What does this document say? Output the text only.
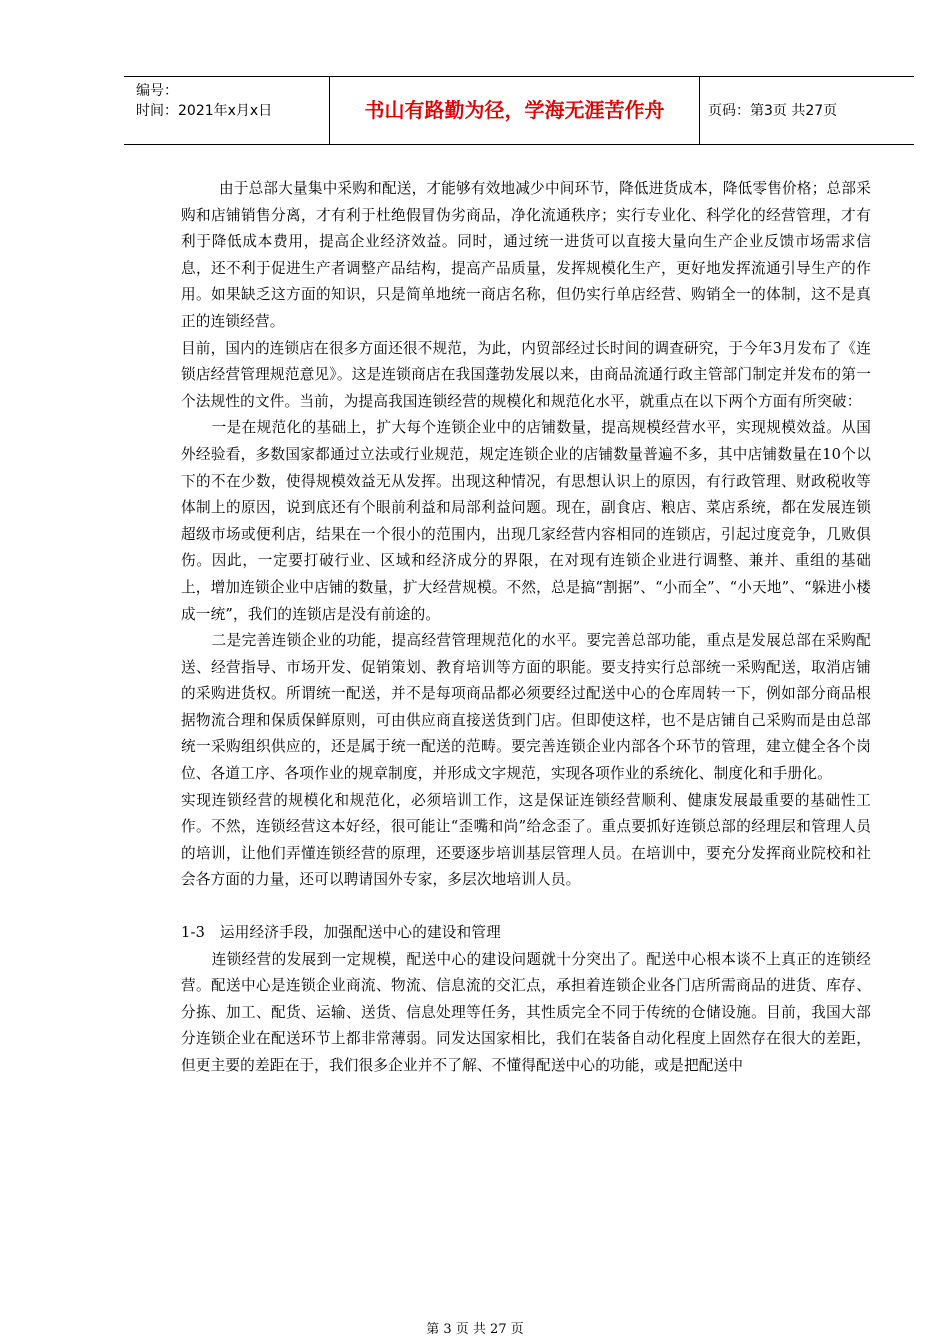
编号：
时间：2021年x月x日	书山有路勤为径，学海无涯苦作舟	页码：第3页 共27页

由于总部大量集中采购和配送，才能够有效地减少中间环节，降低进货成本，降低零售价格；总部采购和店铺销售分离，才有利于杜绝假冒伪劣商品，净化流通秩序；实行专业化、科学化的经营管理，才有利于降低成本费用，提高企业经济效益。同时，通过统一进货可以直接大量向生产企业反馈市场需求信息，还不利于促进生产者调整产品结构，提高产品质量，发挥规模化生产，更好地发挥流通引导生产的作用。如果缺乏这方面的知识，只是简单地统一商店名称，但仍实行单店经营、购销全一的体制，这不是真正的连锁经营。

目前，国内的连锁店在很多方面还很不规范，为此，内贸部经过长时间的调查研究，于今年3月发布了《连锁店经营管理规范意见》。这是连锁商店在我国蓬勃发展以来，由商品流通行政主管部门制定并发布的第一个法规性的文件。当前，为提高我国连锁经营的规模化和规范化水平，就重点在以下两个方面有所突破：

一是在规范化的基础上，扩大每个连锁企业中的店铺数量，提高规模经营水平，实现规模效益。从国外经验看，多数国家都通过立法或行业规范，规定连锁企业的店铺数量普遍不多，其中店铺数量在10个以下的不在少数，使得规模效益无从发挥。出现这种情况，有思想认识上的原因，有行政管理、财政税收等体制上的原因，说到底还有个眼前利益和局部利益问题。现在，副食店、粮店、菜店系统，都在发展连锁超级市场或便利店，结果在一个很小的范围内，出现几家经营内容相同的连锁店，引起过度竞争，几败俱伤。因此，一定要打破行业、区域和经济成分的界限，在对现有连锁企业进行调整、兼并、重组的基础上，增加连锁企业中店铺的数量，扩大经营规模。不然，总是搞“割据”、“小而全”、“小天地”、“躲进小楼成一统”，我们的连锁店是没有前途的。

二是完善连锁企业的功能，提高经营管理规范化的水平。要完善总部功能，重点是发展总部在采购配送、经营指导、市场开发、促销策划、教育培训等方面的职能。要支持实行总部统一采购配送，取消店铺的采购进货权。所谓统一配送，并不是每项商品都必须要经过配送中心的仓库周转一下，例如部分商品根据物流合理和保质保鲜原则，可由供应商直接送货到门店。但即使这样，也不是店铺自己采购而是由总部统一采购组织供应的，还是属于统一配送的范畴。要完善连锁企业内部各个环节的管理，建立健全各个岗位、各道工序、各项作业的规章制度，并形成文字规范，实现各项作业的系统化、制度化和手册化。

实现连锁经营的规模化和规范化，必须培训工作，这是保证连锁经营顺利、健康发展最重要的基础性工作。不然，连锁经营这本好经，很可能让“歪嘴和尚”给念歪了。重点要抓好连锁总部的经理层和管理人员的培训，让他们弄懂连锁经营的原理，还要逐步培训基层管理人员。在培训中，要充分发挥商业院校和社会各方面的力量，还可以聘请国外专家，多层次地培训人员。

1-3　运用经济手段，加强配送中心的建设和管理

连锁经营的发展到一定规模，配送中心的建设问题就十分突出了。配送中心根本谈不上真正的连锁经营。配送中心是连锁企业商流、物流、信息流的交汇点，承担着连锁企业各门店所需商品的进货、库存、分拣、加工、配货、运输、送货、信息处理等任务，其性质完全不同于传统的仓储设施。目前，我国大部分连锁企业在配送环节上都非常薄弱。同发达国家相比，我们在装备自动化程度上固然存在很大的差距，但更主要的差距在于，我们很多企业并不了解、不懂得配送中心的功能，或是把配送中

第 3 页 共 27 页
